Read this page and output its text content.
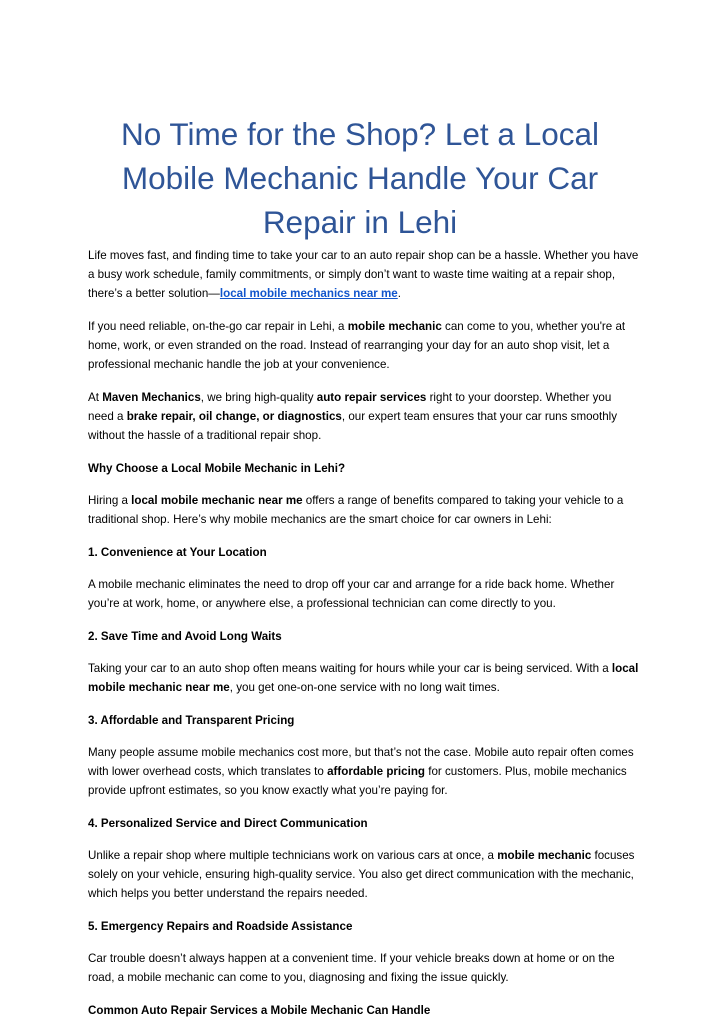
No Time for the Shop? Let a Local
Mobile Mechanic Handle Your Car
Repair in Lehi

Life moves fast, and finding time to take your car to an auto repair shop can be a hassle. Whether you have a busy work schedule, family commitments, or simply don’t want to waste time waiting at a repair shop, there’s a better solution—local mobile mechanics near me.

If you need reliable, on-the-go car repair in Lehi, a mobile mechanic can come to you, whether you're at home, work, or even stranded on the road. Instead of rearranging your day for an auto shop visit, let a professional mechanic handle the job at your convenience.

At Maven Mechanics, we bring high-quality auto repair services right to your doorstep. Whether you need a brake repair, oil change, or diagnostics, our expert team ensures that your car runs smoothly without the hassle of a traditional repair shop.

Why Choose a Local Mobile Mechanic in Lehi?

Hiring a local mobile mechanic near me offers a range of benefits compared to taking your vehicle to a traditional shop. Here’s why mobile mechanics are the smart choice for car owners in Lehi:

1. Convenience at Your Location

A mobile mechanic eliminates the need to drop off your car and arrange for a ride back home. Whether you’re at work, home, or anywhere else, a professional technician can come directly to you.

2. Save Time and Avoid Long Waits

Taking your car to an auto shop often means waiting for hours while your car is being serviced. With a local mobile mechanic near me, you get one-on-one service with no long wait times.

3. Affordable and Transparent Pricing

Many people assume mobile mechanics cost more, but that’s not the case. Mobile auto repair often comes with lower overhead costs, which translates to affordable pricing for customers. Plus, mobile mechanics provide upfront estimates, so you know exactly what you’re paying for.

4. Personalized Service and Direct Communication

Unlike a repair shop where multiple technicians work on various cars at once, a mobile mechanic focuses solely on your vehicle, ensuring high-quality service. You also get direct communication with the mechanic, which helps you better understand the repairs needed.

5. Emergency Repairs and Roadside Assistance

Car trouble doesn’t always happen at a convenient time. If your vehicle breaks down at home or on the road, a mobile mechanic can come to you, diagnosing and fixing the issue quickly.

Common Auto Repair Services a Mobile Mechanic Can Handle
